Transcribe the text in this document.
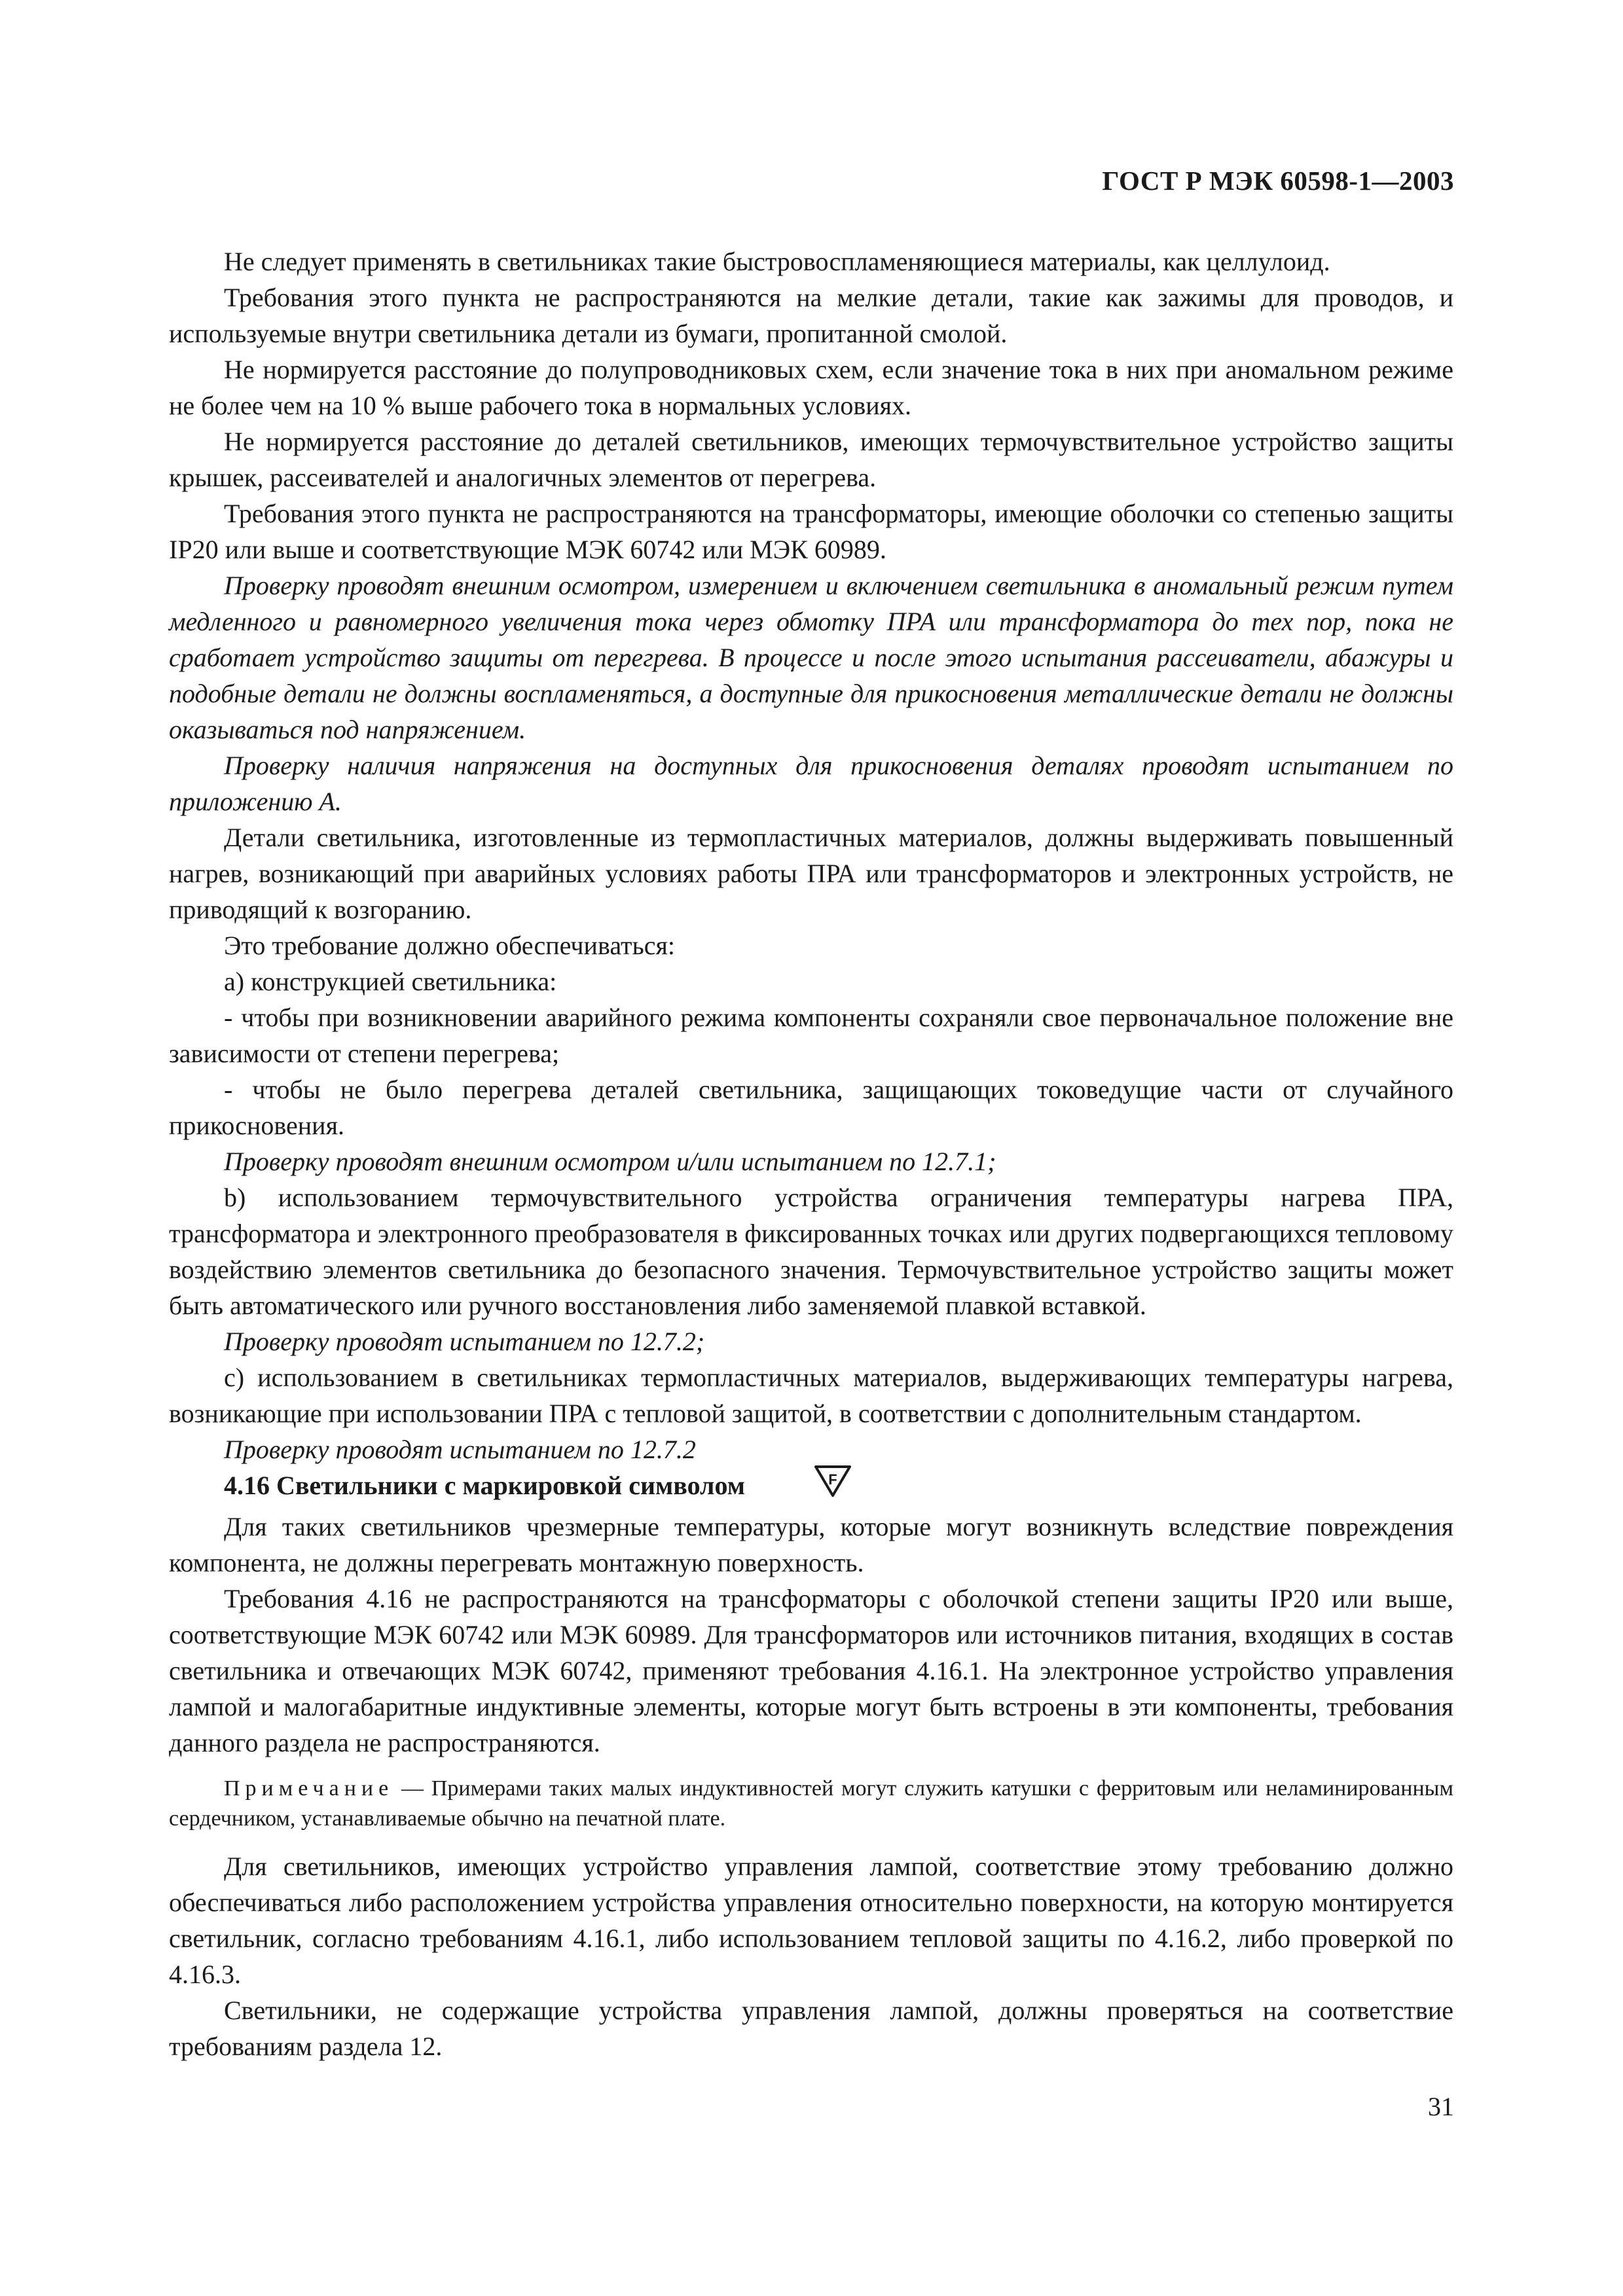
ГОСТ Р МЭК 60598-1—2003

Не следует применять в светильниках такие быстровоспламеняющиеся материалы, как целлулоид.

Требования этого пункта не распространяются на мелкие детали, такие как зажимы для проводов, и используемые внутри светильника детали из бумаги, пропитанной смолой.

Не нормируется расстояние до полупроводниковых схем, если значение тока в них при аномальном режиме не более чем на 10 % выше рабочего тока в нормальных условиях.

Не нормируется расстояние до деталей светильников, имеющих термочувствительное устройство защиты крышек, рассеивателей и аналогичных элементов от перегрева.

Требования этого пункта не распространяются на трансформаторы, имеющие оболочки со степенью защиты IP20 или выше и соответствующие МЭК 60742 или МЭК 60989.

Проверку проводят внешним осмотром, измерением и включением светильника в аномальный режим путем медленного и равномерного увеличения тока через обмотку ПРА или трансформатора до тех пор, пока не сработает устройство защиты от перегрева. В процессе и после этого испытания рассеиватели, абажуры и подобные детали не должны воспламеняться, а доступные для прикосновения металлические детали не должны оказываться под напряжением.

Проверку наличия напряжения на доступных для прикосновения деталях проводят испытанием по приложению А.

Детали светильника, изготовленные из термопластичных материалов, должны выдерживать повышенный нагрев, возникающий при аварийных условиях работы ПРА или трансформаторов и электронных устройств, не приводящий к возгоранию.

Это требование должно обеспечиваться:

а) конструкцией светильника:

- чтобы при возникновении аварийного режима компоненты сохраняли свое первоначальное положение вне зависимости от степени перегрева;

- чтобы не было перегрева деталей светильника, защищающих токоведущие части от случайного прикосновения.

Проверку проводят внешним осмотром и/или испытанием по 12.7.1;

b) использованием термочувствительного устройства ограничения температуры нагрева ПРА, трансформатора и электронного преобразователя в фиксированных точках или других подвергающихся тепловому воздействию элементов светильника до безопасного значения. Термочувствительное устройство защиты может быть автоматического или ручного восстановления либо заменяемой плавкой вставкой.

Проверку проводят испытанием по 12.7.2;

с) использованием в светильниках термопластичных материалов, выдерживающих температуры нагрева, возникающие при использовании ПРА с тепловой защитой, в соответствии с дополнительным стандартом.

Проверку проводят испытанием по 12.7.2

4.16 Светильники с маркировкой символом	F

Для таких светильников чрезмерные температуры, которые могут возникнуть вследствие повреждения компонента, не должны перегревать монтажную поверхность.

Требования 4.16 не распространяются на трансформаторы с оболочкой степени защиты IP20 или выше, соответствующие МЭК 60742 или МЭК 60989. Для трансформаторов или источников питания, входящих в состав светильника и отвечающих МЭК 60742, применяют требования 4.16.1. На электронное устройство управления лампой и малогабаритные индуктивные элементы, которые могут быть встроены в эти компоненты, требования данного раздела не распространяются.

Примечание — Примерами таких малых индуктивностей могут служить катушки с ферритовым или неламинированным сердечником, устанавливаемые обычно на печатной плате.

Для светильников, имеющих устройство управления лампой, соответствие этому требованию должно обеспечиваться либо расположением устройства управления относительно поверхности, на которую монтируется светильник, согласно требованиям 4.16.1, либо использованием тепловой защиты по 4.16.2, либо проверкой по 4.16.3.

Светильники, не содержащие устройства управления лампой, должны проверяться на соответствие требованиям раздела 12.

31
